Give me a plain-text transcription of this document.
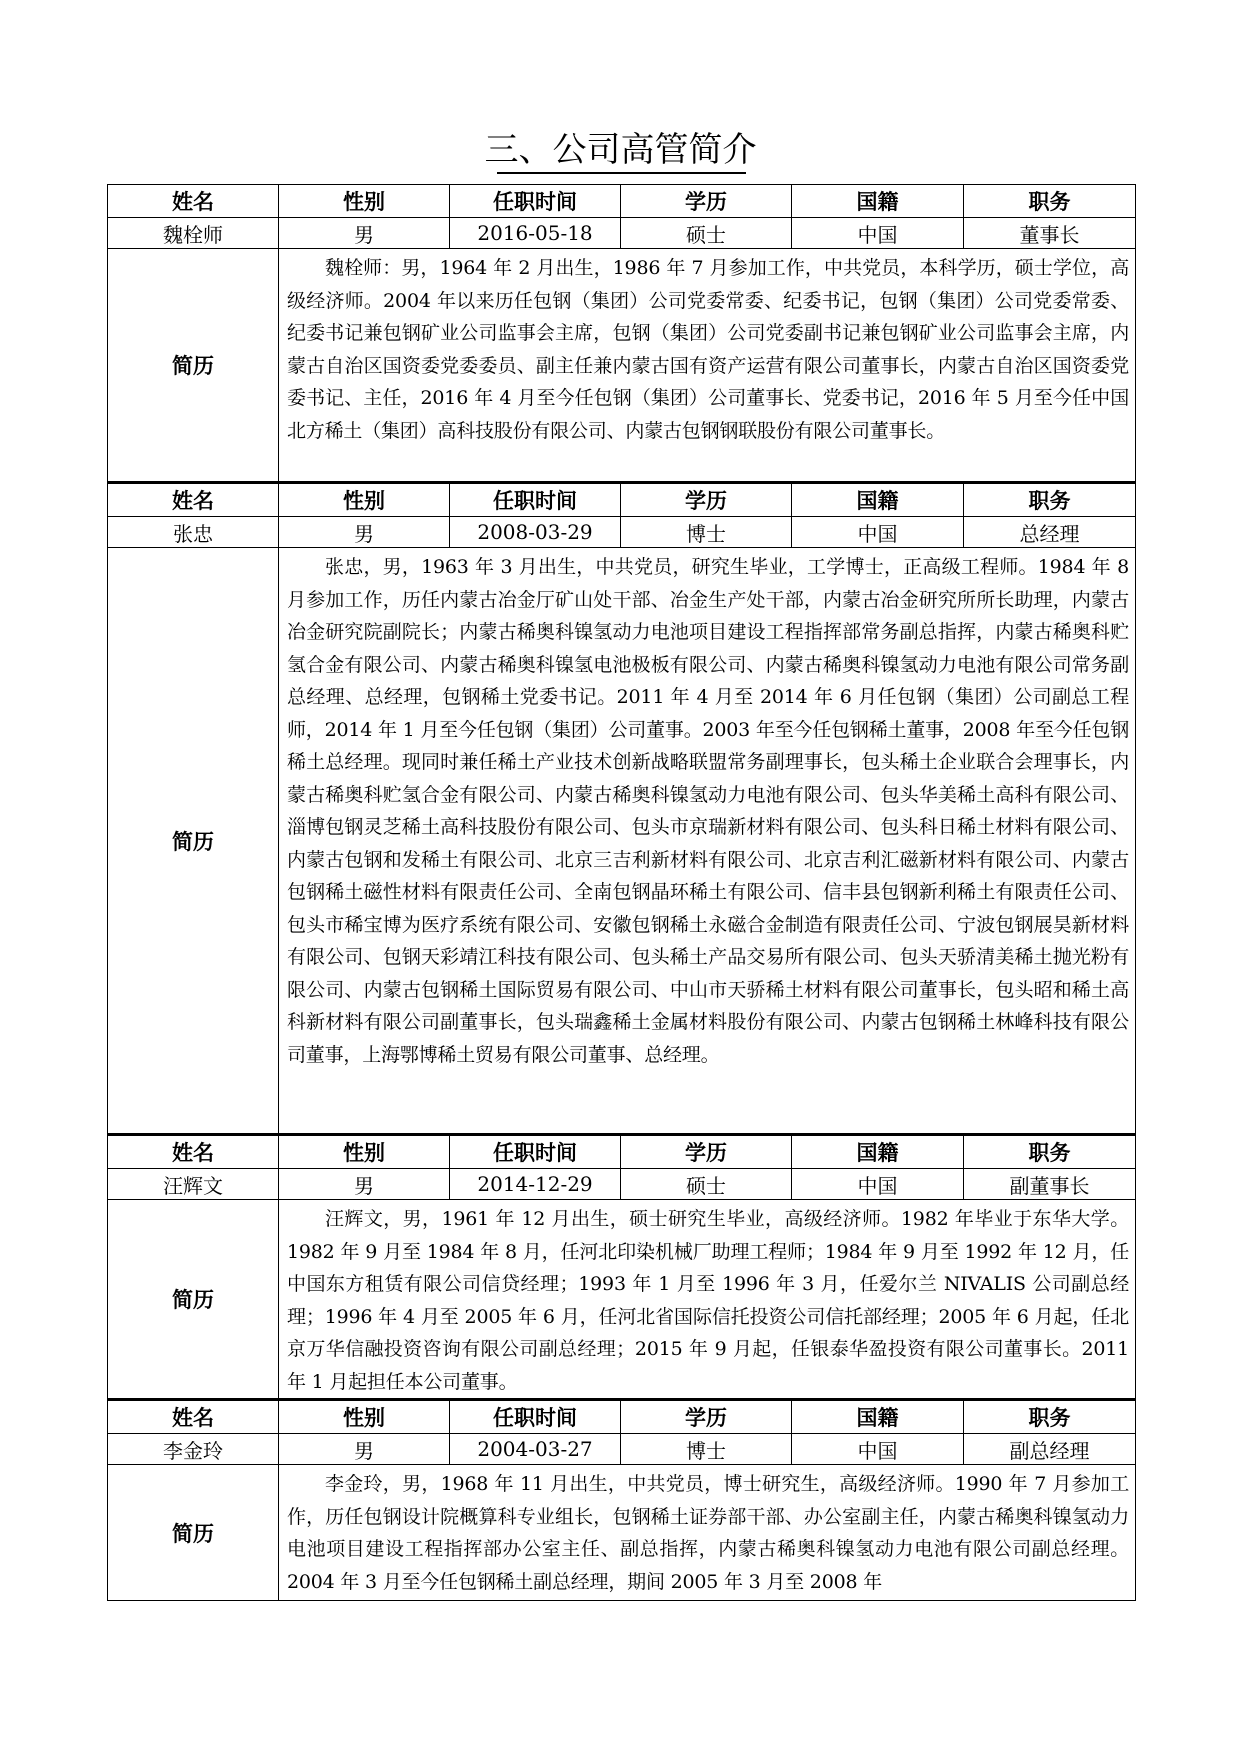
三、公司高管简介
姓名	性别	任职时间	学历	国籍	职务
魏栓师	男	2016-05-18	硕士	中国	董事长
简历	魏栓师：男，1964 年 2 月出生，1986 年 7 月参加工作，中共党员，本科学历，硕士学位，高级经济师。2004 年以来历任包钢（集团）公司党委常委、纪委书记，包钢（集团）公司党委常委、纪委书记兼包钢矿业公司监事会主席，包钢（集团）公司党委副书记兼包钢矿业公司监事会主席，内蒙古自治区国资委党委委员、副主任兼内蒙古国有资产运营有限公司董事长，内蒙古自治区国资委党委书记、主任，2016 年 4 月至今任包钢（集团）公司董事长、党委书记，2016 年 5 月至今任中国北方稀土（集团）高科技股份有限公司、内蒙古包钢钢联股份有限公司董事长。				
姓名	性别	任职时间	学历	国籍	职务
张忠	男	2008-03-29	博士	中国	总经理
简历	张忠，男，1963 年 3 月出生，中共党员，研究生毕业，工学博士，正高级工程师。1984 年 8 月参加工作，历任内蒙古冶金厅矿山处干部、冶金生产处干部，内蒙古冶金研究所所长助理，内蒙古冶金研究院副院长；内蒙古稀奥科镍氢动力电池项目建设工程指挥部常务副总指挥，内蒙古稀奥科贮氢合金有限公司、内蒙古稀奥科镍氢电池极板有限公司、内蒙古稀奥科镍氢动力电池有限公司常务副总经理、总经理，包钢稀土党委书记。2011 年 4 月至 2014 年 6 月任包钢（集团）公司副总工程师，2014 年 1 月至今任包钢（集团）公司董事。2003 年至今任包钢稀土董事，2008 年至今任包钢稀土总经理。现同时兼任稀土产业技术创新战略联盟常务副理事长，包头稀土企业联合会理事长，内蒙古稀奥科贮氢合金有限公司、内蒙古稀奥科镍氢动力电池有限公司、包头华美稀土高科有限公司、淄博包钢灵芝稀土高科技股份有限公司、包头市京瑞新材料有限公司、包头科日稀土材料有限公司、内蒙古包钢和发稀土有限公司、北京三吉利新材料有限公司、北京吉利汇磁新材料有限公司、内蒙古包钢稀土磁性材料有限责任公司、全南包钢晶环稀土有限公司、信丰县包钢新利稀土有限责任公司、包头市稀宝博为医疗系统有限公司、安徽包钢稀土永磁合金制造有限责任公司、宁波包钢展昊新材料有限公司、包钢天彩靖江科技有限公司、包头稀土产品交易所有限公司、包头天骄清美稀土抛光粉有限公司、内蒙古包钢稀土国际贸易有限公司、中山市天骄稀土材料有限公司董事长，包头昭和稀土高科新材料有限公司副董事长，包头瑞鑫稀土金属材料股份有限公司、内蒙古包钢稀土林峰科技有限公司董事，上海鄂博稀土贸易有限公司董事、总经理。				
姓名	性别	任职时间	学历	国籍	职务
汪辉文	男	2014-12-29	硕士	中国	副董事长
简历	汪辉文，男，1961 年 12 月出生，硕士研究生毕业，高级经济师。1982 年毕业于东华大学。1982 年 9 月至 1984 年 8 月，任河北印染机械厂助理工程师；1984 年 9 月至 1992 年 12 月，任中国东方租赁有限公司信贷经理；1993 年 1 月至 1996 年 3 月，任爱尔兰 NIVALIS 公司副总经理；1996 年 4 月至 2005 年 6 月，任河北省国际信托投资公司信托部经理；2005 年 6 月起，任北京万华信融投资咨询有限公司副总经理；2015 年 9 月起，任银泰华盈投资有限公司董事长。2011 年 1 月起担任本公司董事。				
姓名	性别	任职时间	学历	国籍	职务
李金玲	男	2004-03-27	博士	中国	副总经理
简历	李金玲，男，1968 年 11 月出生，中共党员，博士研究生，高级经济师。1990 年 7 月参加工作，历任包钢设计院概算科专业组长，包钢稀土证券部干部、办公室副主任，内蒙古稀奥科镍氢动力电池项目建设工程指挥部办公室主任、副总指挥，内蒙古稀奥科镍氢动力电池有限公司副总经理。2004 年 3 月至今任包钢稀土副总经理，期间 2005 年 3 月至 2008 年				
